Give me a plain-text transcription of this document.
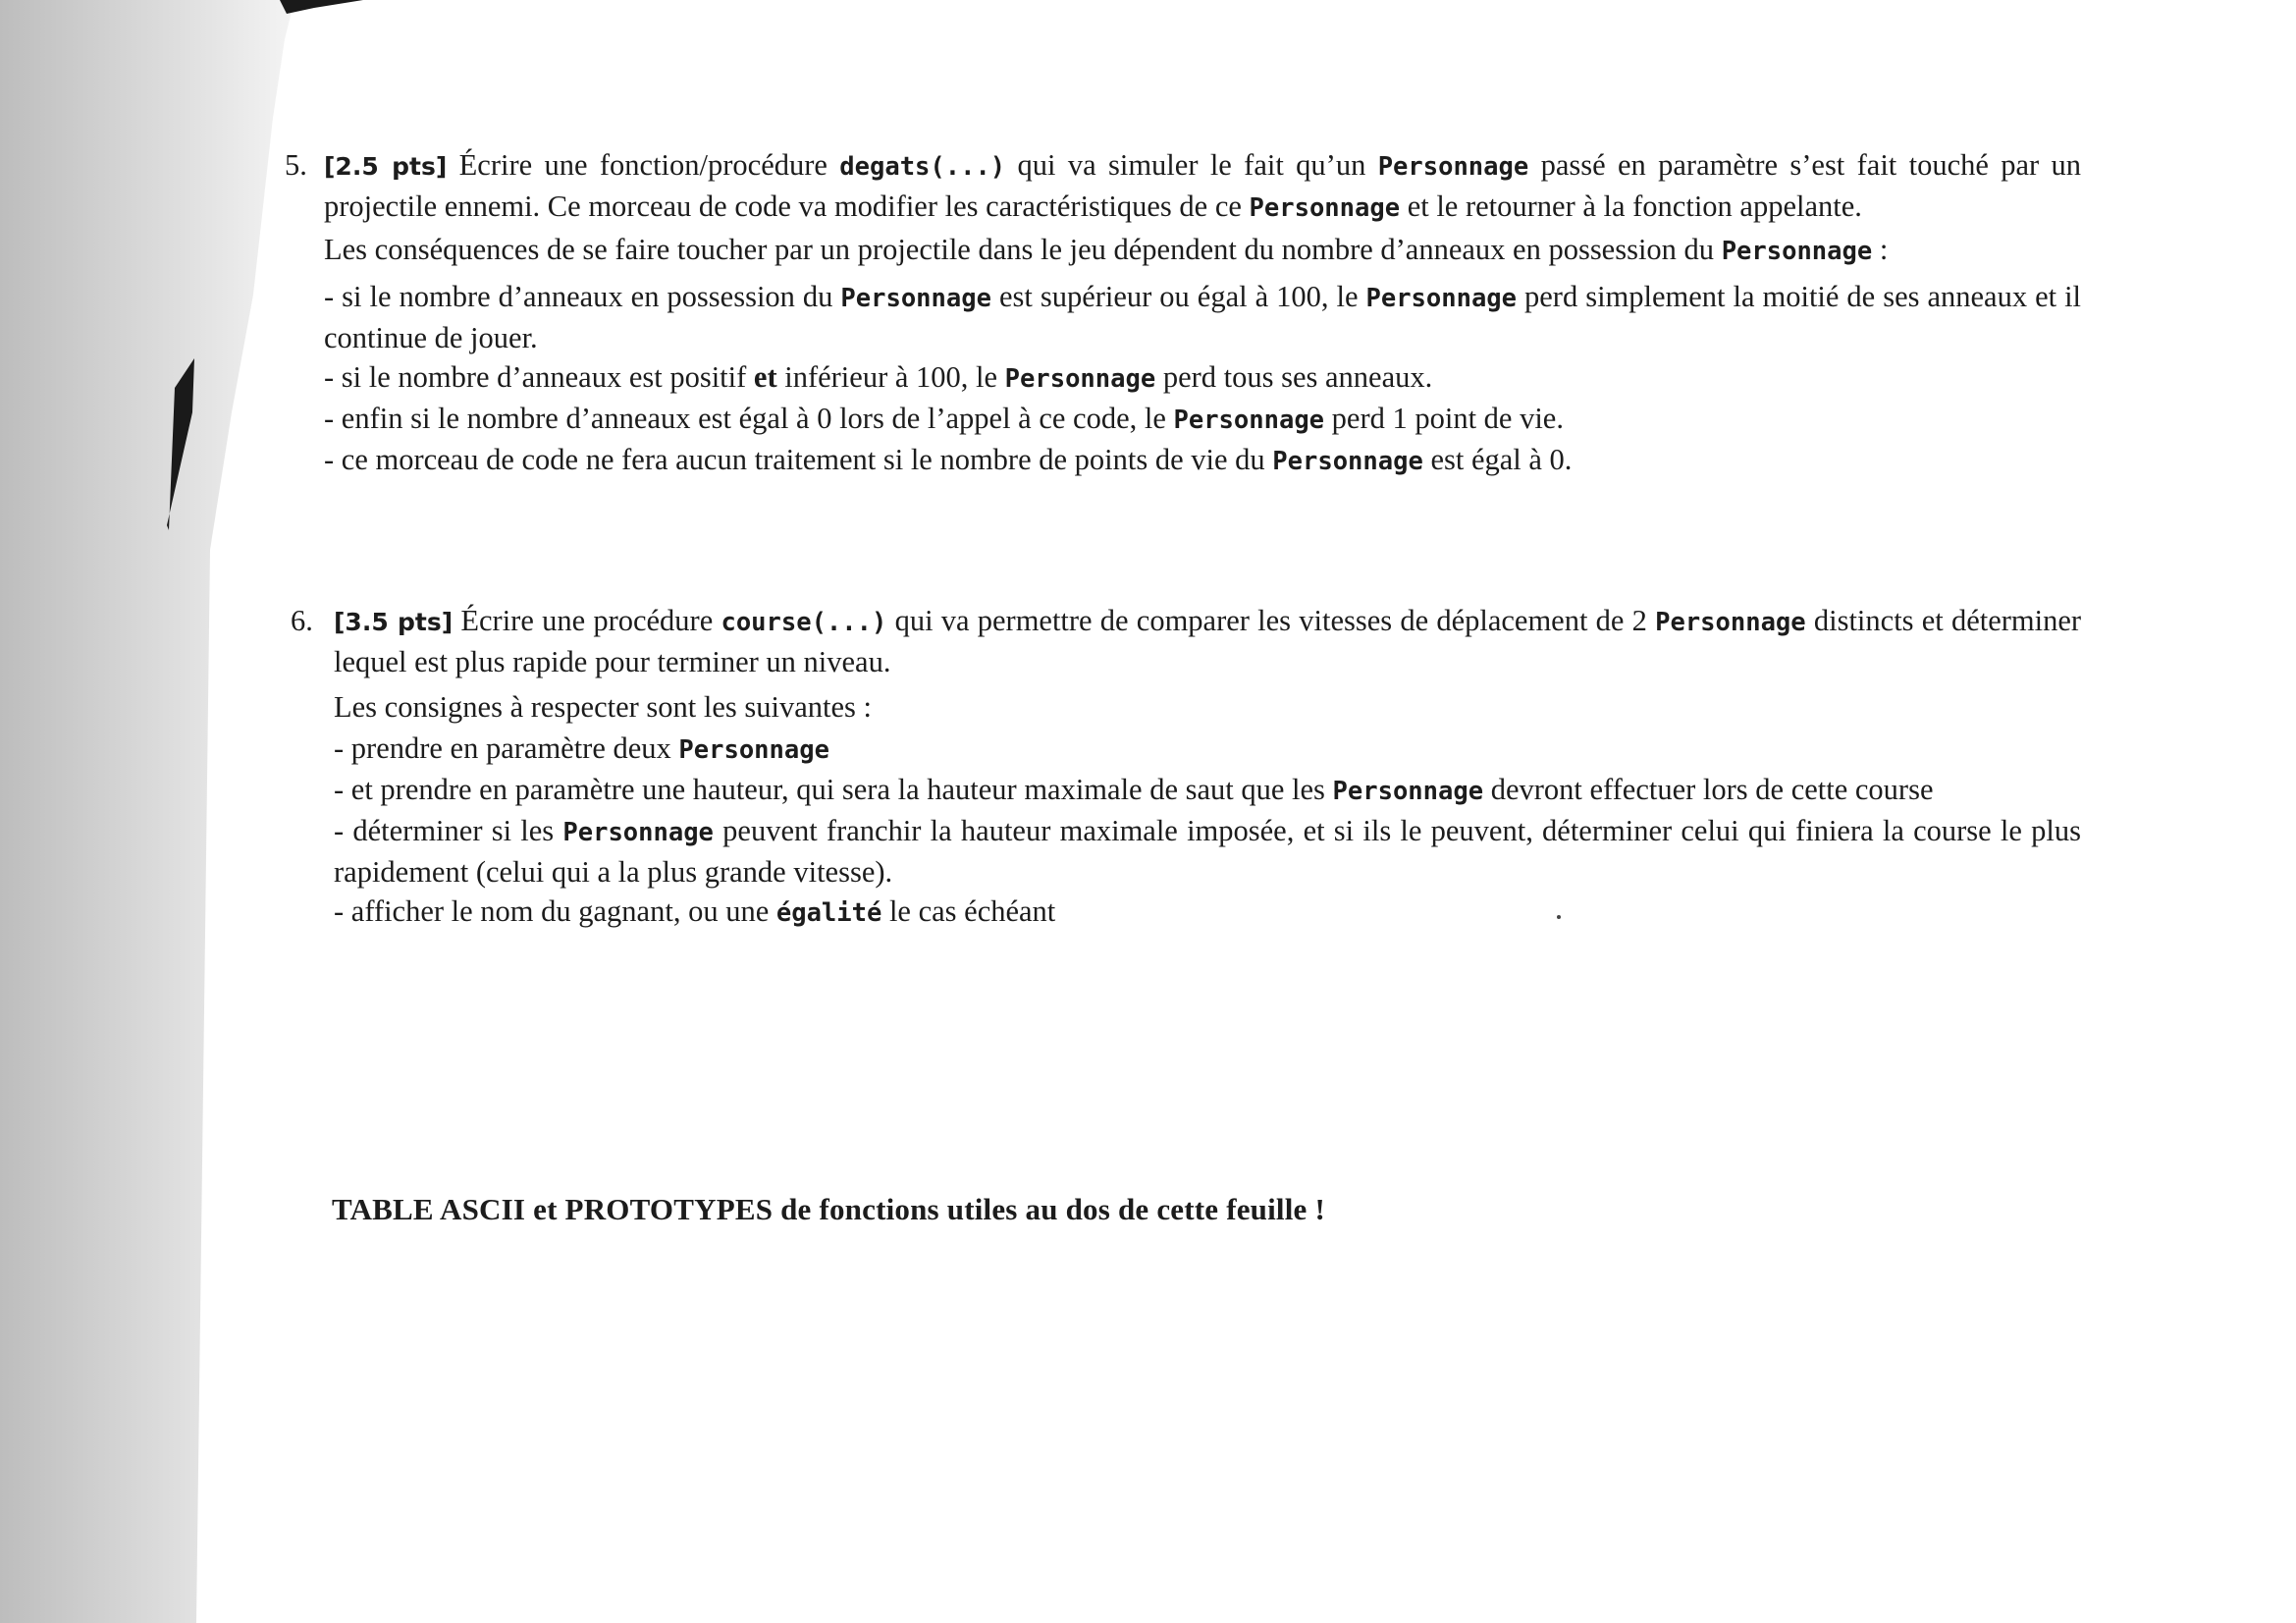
5. [2.5 pts] Écrire une fonction/procédure degats(...) qui va simuler le fait qu’un Personnage passé en paramètre s’est fait touché par un projectile ennemi. Ce morceau de code va modifier les caractéristiques de ce Personnage et le retourner à la fonction appelante.

Les conséquences de se faire toucher par un projectile dans le jeu dépendent du nombre d’anneaux en possession du Personnage :

- si le nombre d’anneaux en possession du Personnage est supérieur ou égal à 100, le Personnage perd simplement la moitié de ses anneaux et il continue de jouer.

- si le nombre d’anneaux est positif et inférieur à 100, le Personnage perd tous ses anneaux.

- enfin si le nombre d’anneaux est égal à 0 lors de l’appel à ce code, le Personnage perd 1 point de vie.

- ce morceau de code ne fera aucun traitement si le nombre de points de vie du Personnage est égal à 0.

6. [3.5 pts] Écrire une procédure course(...) qui va permettre de comparer les vitesses de déplacement de 2 Personnage distincts et déterminer lequel est plus rapide pour terminer un niveau.

Les consignes à respecter sont les suivantes :

- prendre en paramètre deux Personnage

- et prendre en paramètre une hauteur, qui sera la hauteur maximale de saut que les Personnage devront effectuer lors de cette course

- déterminer si les Personnage peuvent franchir la hauteur maximale imposée, et si ils le peuvent, déterminer celui qui finiera la course le plus rapidement (celui qui a la plus grande vitesse).

- afficher le nom du gagnant, ou une égalité le cas échéant

TABLE ASCII et PROTOTYPES de fonctions utiles au dos de cette feuille !
